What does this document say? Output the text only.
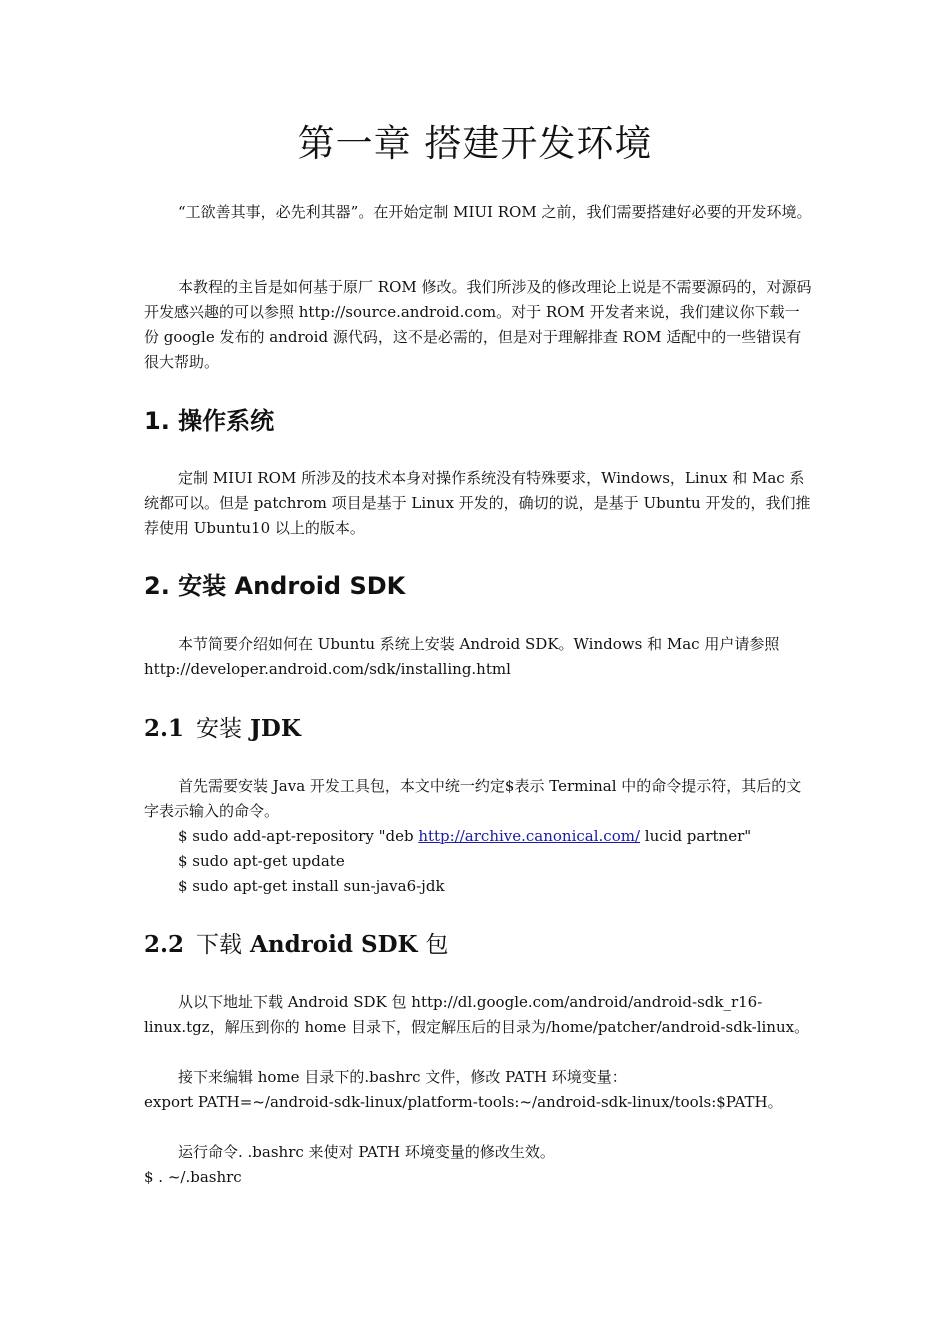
第一章 搭建开发环境

“工欲善其事，必先利其器”。在开始定制 MIUI ROM 之前，我们需要搭建好必要的开发环境。

本教程的主旨是如何基于原厂 ROM 修改。我们所涉及的修改理论上说是不需要源码的，对源码开发感兴趣的可以参照 http://source.android.com。对于 ROM 开发者来说，我们建议你下载一份 google 发布的 android 源代码，这不是必需的，但是对于理解排查 ROM 适配中的一些错误有很大帮助。

1. 操作系统

定制 MIUI ROM 所涉及的技术本身对操作系统没有特殊要求，Windows，Linux 和 Mac 系统都可以。但是 patchrom 项目是基于 Linux 开发的，确切的说，是基于 Ubuntu 开发的，我们推荐使用 Ubuntu10 以上的版本。

2. 安装 Android SDK

本节简要介绍如何在 Ubuntu 系统上安装 Android SDK。Windows 和 Mac 用户请参照 http://developer.android.com/sdk/installing.html

2.1 安装 JDK

首先需要安装 Java 开发工具包，本文中统一约定$表示 Terminal 中的命令提示符，其后的文字表示输入的命令。

$ sudo add-apt-repository "deb http://archive.canonical.com/ lucid partner"
$ sudo apt-get update
$ sudo apt-get install sun-java6-jdk
2.2 下载 Android SDK 包

从以下地址下载 Android SDK 包 http://dl.google.com/android/android-sdk_r16-linux.tgz，解压到你的 home 目录下，假定解压后的目录为/home/patcher/android-sdk-linux。

接下来编辑 home 目录下的.bashrc 文件，修改 PATH 环境变量：

export PATH=~/android-sdk-linux/platform-tools:~/android-sdk-linux/tools:$PATH。

运行命令. .bashrc 来使对 PATH 环境变量的修改生效。

$ . ~/.bashrc
